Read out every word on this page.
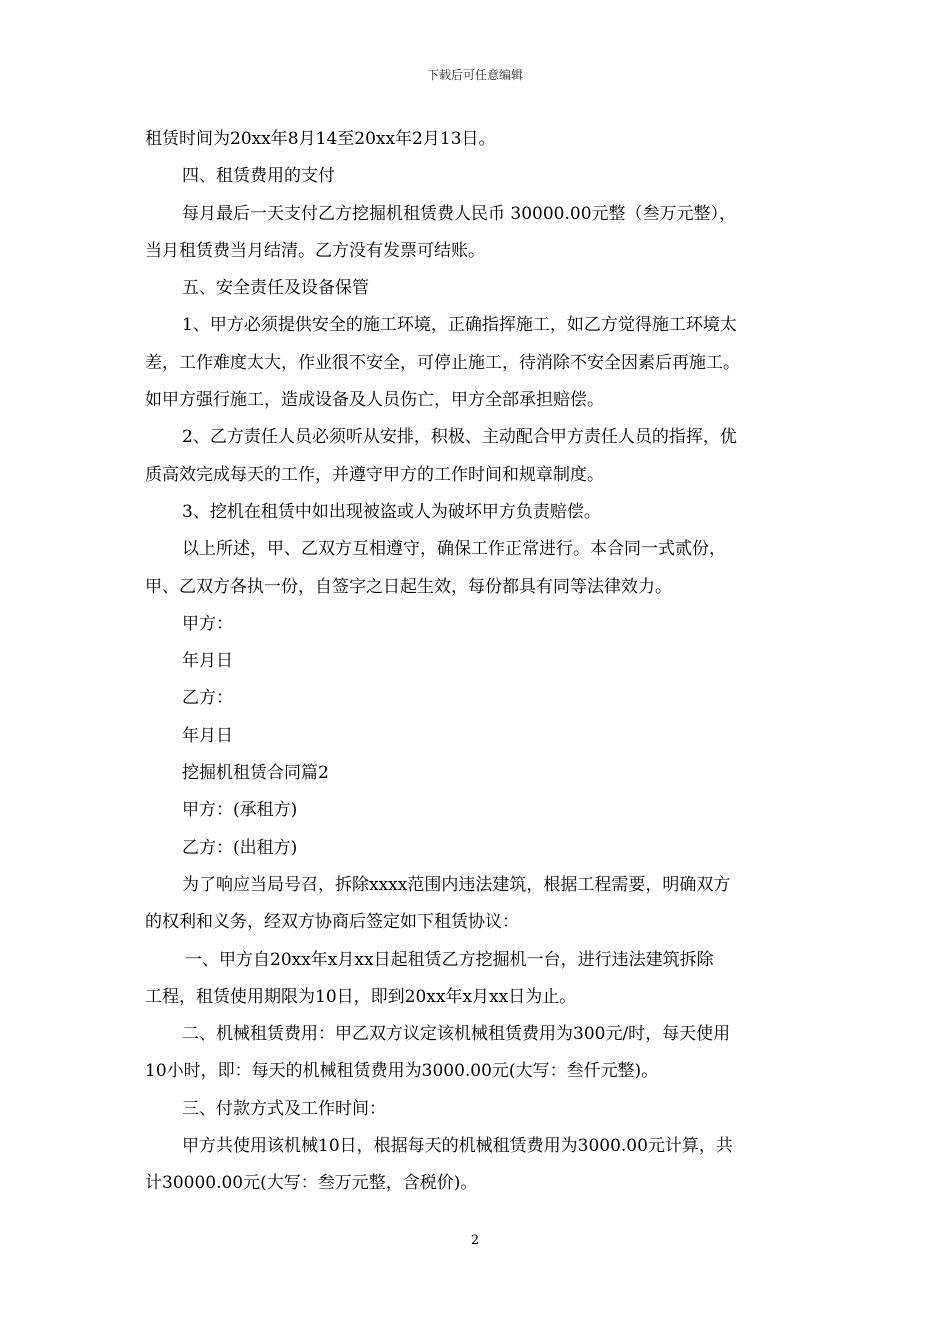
下载后可任意编辑
租赁时间为20xx年8月14至20xx年2月13日。
四、租赁费用的支付
每月最后一天支付乙方挖掘机租赁费人民币 30000.00元整（叁万元整），
当月租赁费当月结清。乙方没有发票可结账。
五、安全责任及设备保管
1、甲方必须提供安全的施工环境，正确指挥施工，如乙方觉得施工环境太
差，工作难度太大，作业很不安全，可停止施工，待消除不安全因素后再施工。
如甲方强行施工，造成设备及人员伤亡，甲方全部承担赔偿。
2、乙方责任人员必须听从安排，积极、主动配合甲方责任人员的指挥，优
质高效完成每天的工作，并遵守甲方的工作时间和规章制度。
3、挖机在租赁中如出现被盗或人为破坏甲方负责赔偿。
以上所述，甲、乙双方互相遵守，确保工作正常进行。本合同一式贰份，
甲、乙双方各执一份，自签字之日起生效，每份都具有同等法律效力。
甲方：
年月日
乙方：
年月日
挖掘机租赁合同篇2
甲方：(承租方)
乙方：(出租方)
为了响应当局号召，拆除xxxx范围内违法建筑，根据工程需要，明确双方
的权利和义务，经双方协商后签定如下租赁协议：
一、甲方自20xx年x月xx日起租赁乙方挖掘机一台，进行违法建筑拆除
工程，租赁使用期限为10日，即到20xx年x月xx日为止。
二、机械租赁费用：甲乙双方议定该机械租赁费用为300元/时，每天使用
10小时，即：每天的机械租赁费用为3000.00元(大写：叁仟元整)。
三、付款方式及工作时间：
甲方共使用该机械10日，根据每天的机械租赁费用为3000.00元计算，共
计30000.00元(大写：叁万元整，含税价)。
2
